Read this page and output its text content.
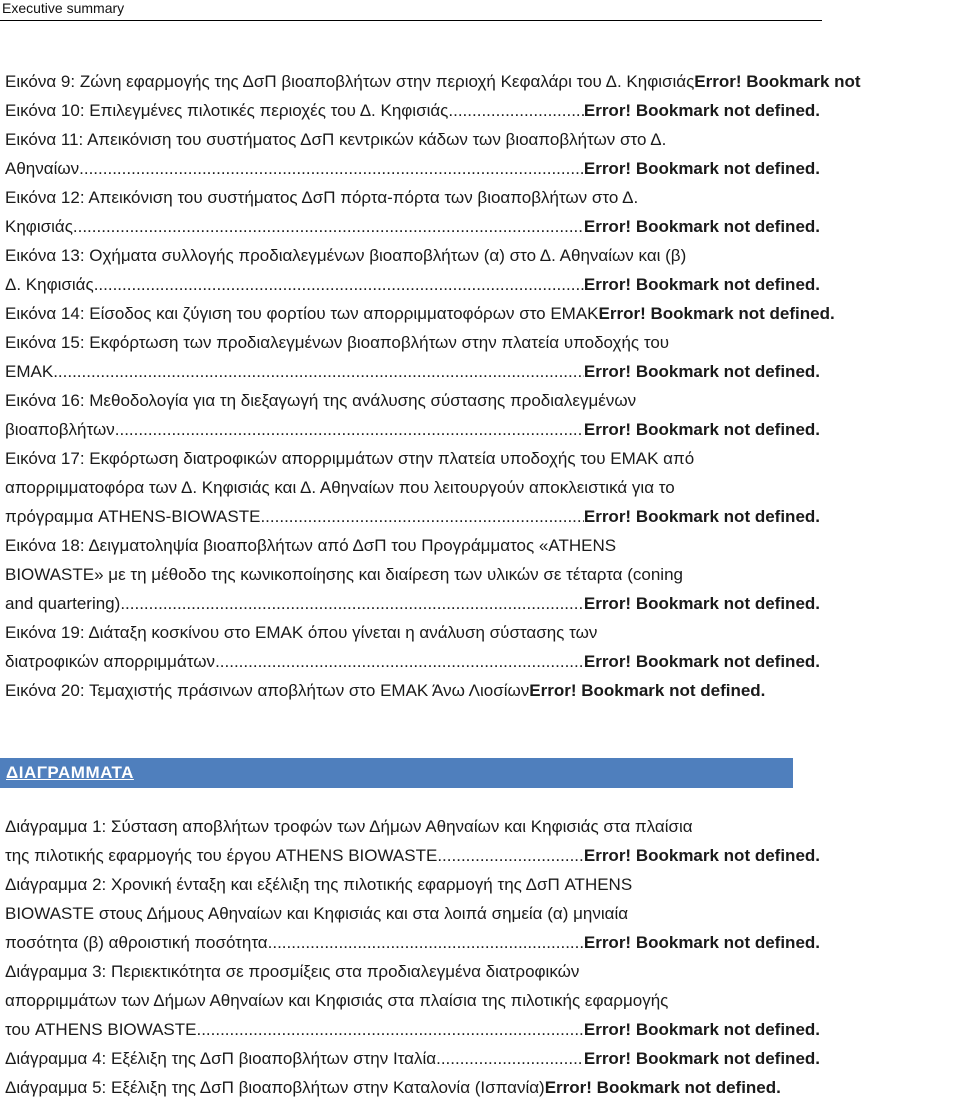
Executive summary
Εικόνα 9: Ζώνη εφαρμογής της ΔσΠ βιοαποβλήτων στην περιοχή Κεφαλάρι του Δ. ΚηφισιάςError! Bookmark not
Εικόνα 10: Επιλεγμένες πιλοτικές περιοχές του Δ. Κηφισιάς .....	Error! Bookmark not defined.
Εικόνα 11: Απεικόνιση του συστήματος ΔσΠ κεντρικών κάδων των βιοαποβλήτων στο Δ.
Αθηναίων .....	Error! Bookmark not defined.
Εικόνα 12: Απεικόνιση του συστήματος ΔσΠ πόρτα-πόρτα των βιοαποβλήτων στο Δ.
Κηφισιάς .....	Error! Bookmark not defined.
Εικόνα 13: Οχήματα συλλογής προδιαλεγμένων βιοαποβλήτων (α) στο Δ. Αθηναίων και (β)
Δ. Κηφισιάς .....	Error! Bookmark not defined.
Εικόνα 14: Είσοδος και ζύγιση του φορτίου των απορριμματοφόρων στο ΕΜΑΚError! Bookmark not defined.
Εικόνα 15: Εκφόρτωση των προδιαλεγμένων βιοαποβλήτων στην πλατεία υποδοχής του
ΕΜΑΚ .....	Error! Bookmark not defined.
Εικόνα 16: Μεθοδολογία για τη διεξαγωγή της ανάλυσης σύστασης προδιαλεγμένων
βιοαποβλήτων .....	Error! Bookmark not defined.
Εικόνα 17: Εκφόρτωση διατροφικών απορριμμάτων στην πλατεία υποδοχής του ΕΜΑΚ από
απορριμματοφόρα των Δ. Κηφισιάς και Δ. Αθηναίων που λειτουργούν αποκλειστικά για το
πρόγραμμα ATHENS-BIOWASTE .....	Error! Bookmark not defined.
Εικόνα 18: Δειγματοληψία βιοαποβλήτων από ΔσΠ του Προγράμματος «ATHENS
BIOWASTE» με τη μέθοδο της κωνικοποίησης και διαίρεση των υλικών σε τέταρτα (coning
and quartering) .....	Error! Bookmark not defined.
Εικόνα 19: Διάταξη κοσκίνου στο ΕΜΑΚ όπου γίνεται η ανάλυση σύστασης των
διατροφικών απορριμμάτων .....	Error! Bookmark not defined.
Εικόνα 20: Τεμαχιστής πράσινων αποβλήτων στο ΕΜΑΚ Άνω ΛιοσίωνError! Bookmark not defined.
ΔΙΑΓΡΑΜΜΑΤΑ
Διάγραμμα 1: Σύσταση αποβλήτων τροφών των Δήμων Αθηναίων και Κηφισιάς στα πλαίσια
της πιλοτικής εφαρμογής του έργου ATHENS BIOWASTE .....	Error! Bookmark not defined.
Διάγραμμα 2: Χρονική ένταξη και εξέλιξη της πιλοτικής εφαρμογή της ΔσΠ ATHENS
BIOWASTE στους Δήμους Αθηναίων και Κηφισιάς και στα λοιπά σημεία (α) μηνιαία
ποσότητα (β) αθροιστική ποσότητα .....	Error! Bookmark not defined.
Διάγραμμα 3: Περιεκτικότητα σε προσμίξεις στα προδιαλεγμένα διατροφικών
απορριμμάτων των Δήμων Αθηναίων και Κηφισιάς στα πλαίσια της πιλοτικής εφαρμογής
του ATHENS BIOWASTE .....	Error! Bookmark not defined.
Διάγραμμα 4: Εξέλιξη της ΔσΠ βιοαποβλήτων στην Ιταλία .....	Error! Bookmark not defined.
Διάγραμμα 5: Εξέλιξη της ΔσΠ βιοαποβλήτων στην Καταλονία (Ισπανία)Error! Bookmark not defined.
